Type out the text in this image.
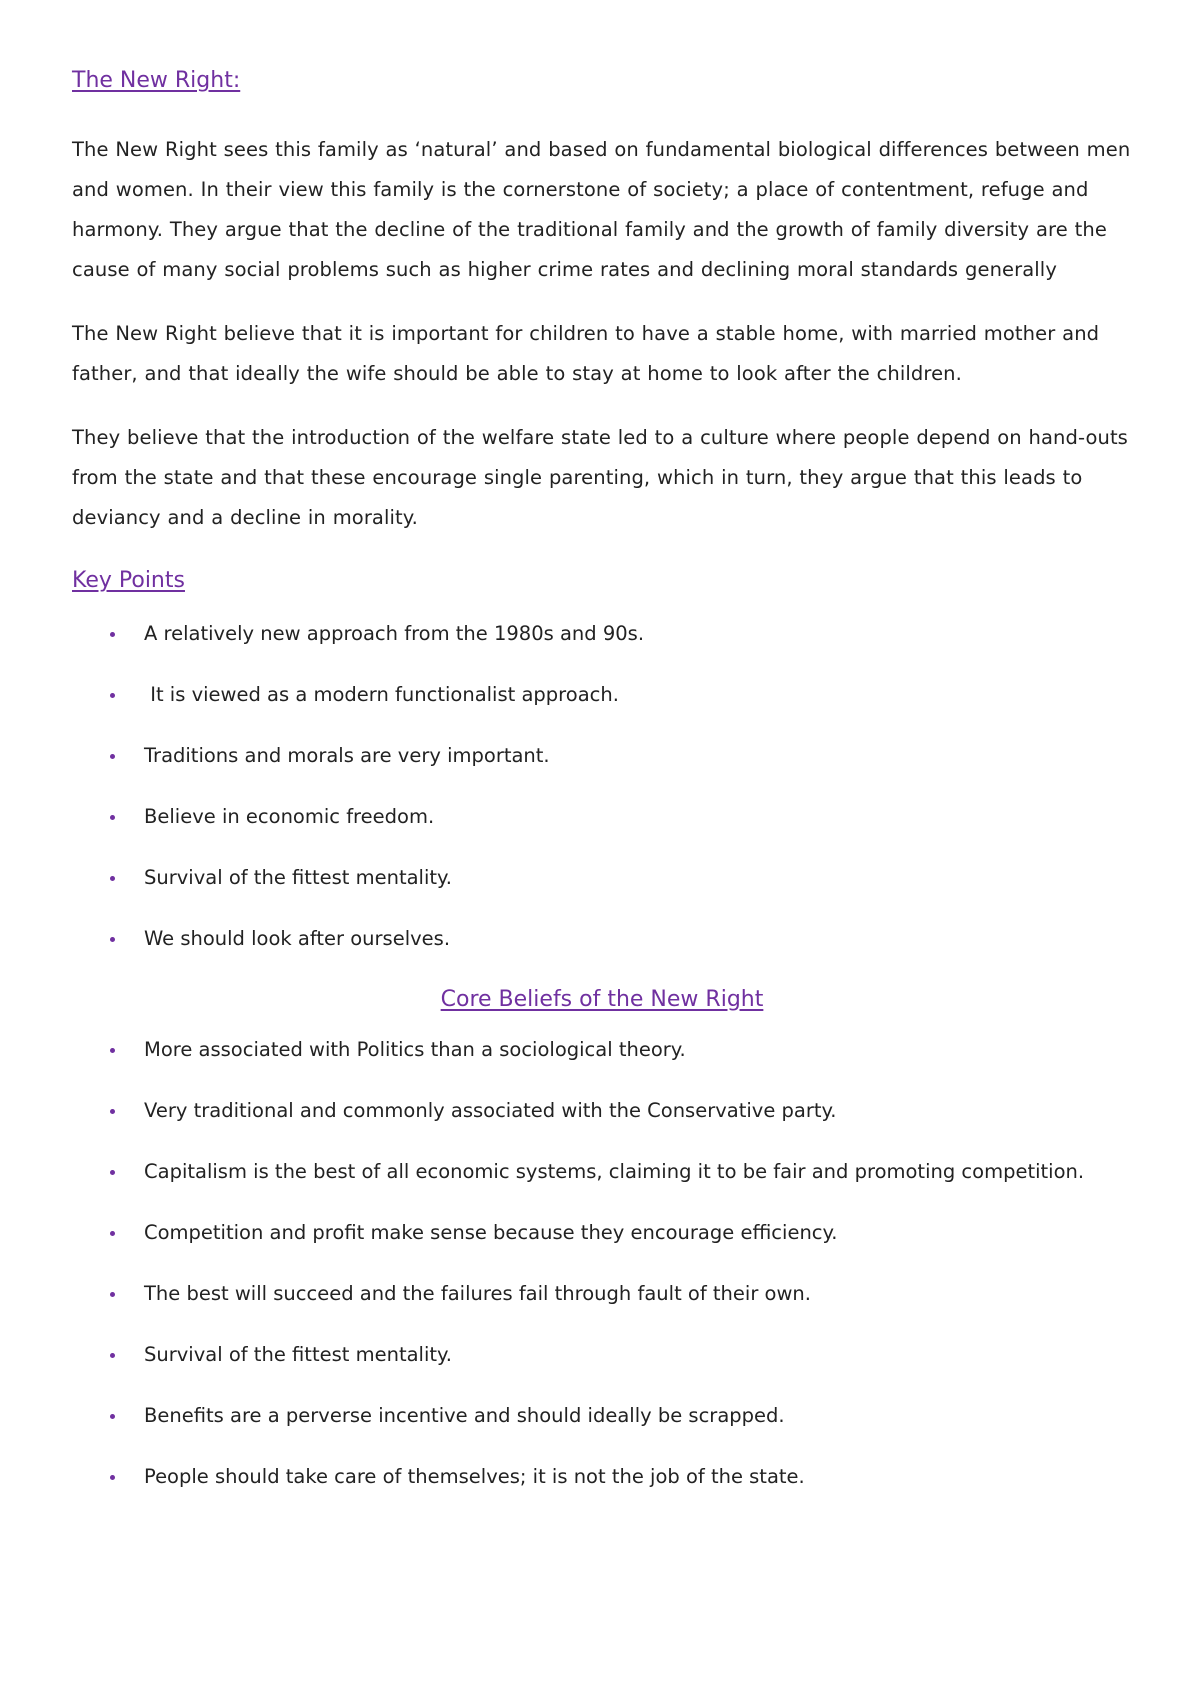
The New Right:

The New Right sees this family as ‘natural’ and based on fundamental biological differences between men and women. In their view this family is the cornerstone of society; a place of contentment, refuge and harmony. They argue that the decline of the traditional family and the growth of family diversity are the cause of many social problems such as higher crime rates and declining moral standards generally

The New Right believe that it is important for children to have a stable home, with married mother and father, and that ideally the wife should be able to stay at home to look after the children.

They believe that the introduction of the welfare state led to a culture where people depend on hand-outs from the state and that these encourage single parenting, which in turn, they argue that this leads to deviancy and a decline in morality.

Key Points
A relatively new approach from the 1980s and 90s.
It is viewed as a modern functionalist approach.
Traditions and morals are very important.
Believe in economic freedom.
Survival of the fittest mentality.
We should look after ourselves.
Core Beliefs of the New Right
More associated with Politics than a sociological theory.
Very traditional and commonly associated with the Conservative party.
Capitalism is the best of all economic systems, claiming it to be fair and promoting competition.
Competition and profit make sense because they encourage efficiency.
The best will succeed and the failures fail through fault of their own.
Survival of the fittest mentality.
Benefits are a perverse incentive and should ideally be scrapped.
People should take care of themselves; it is not the job of the state.
